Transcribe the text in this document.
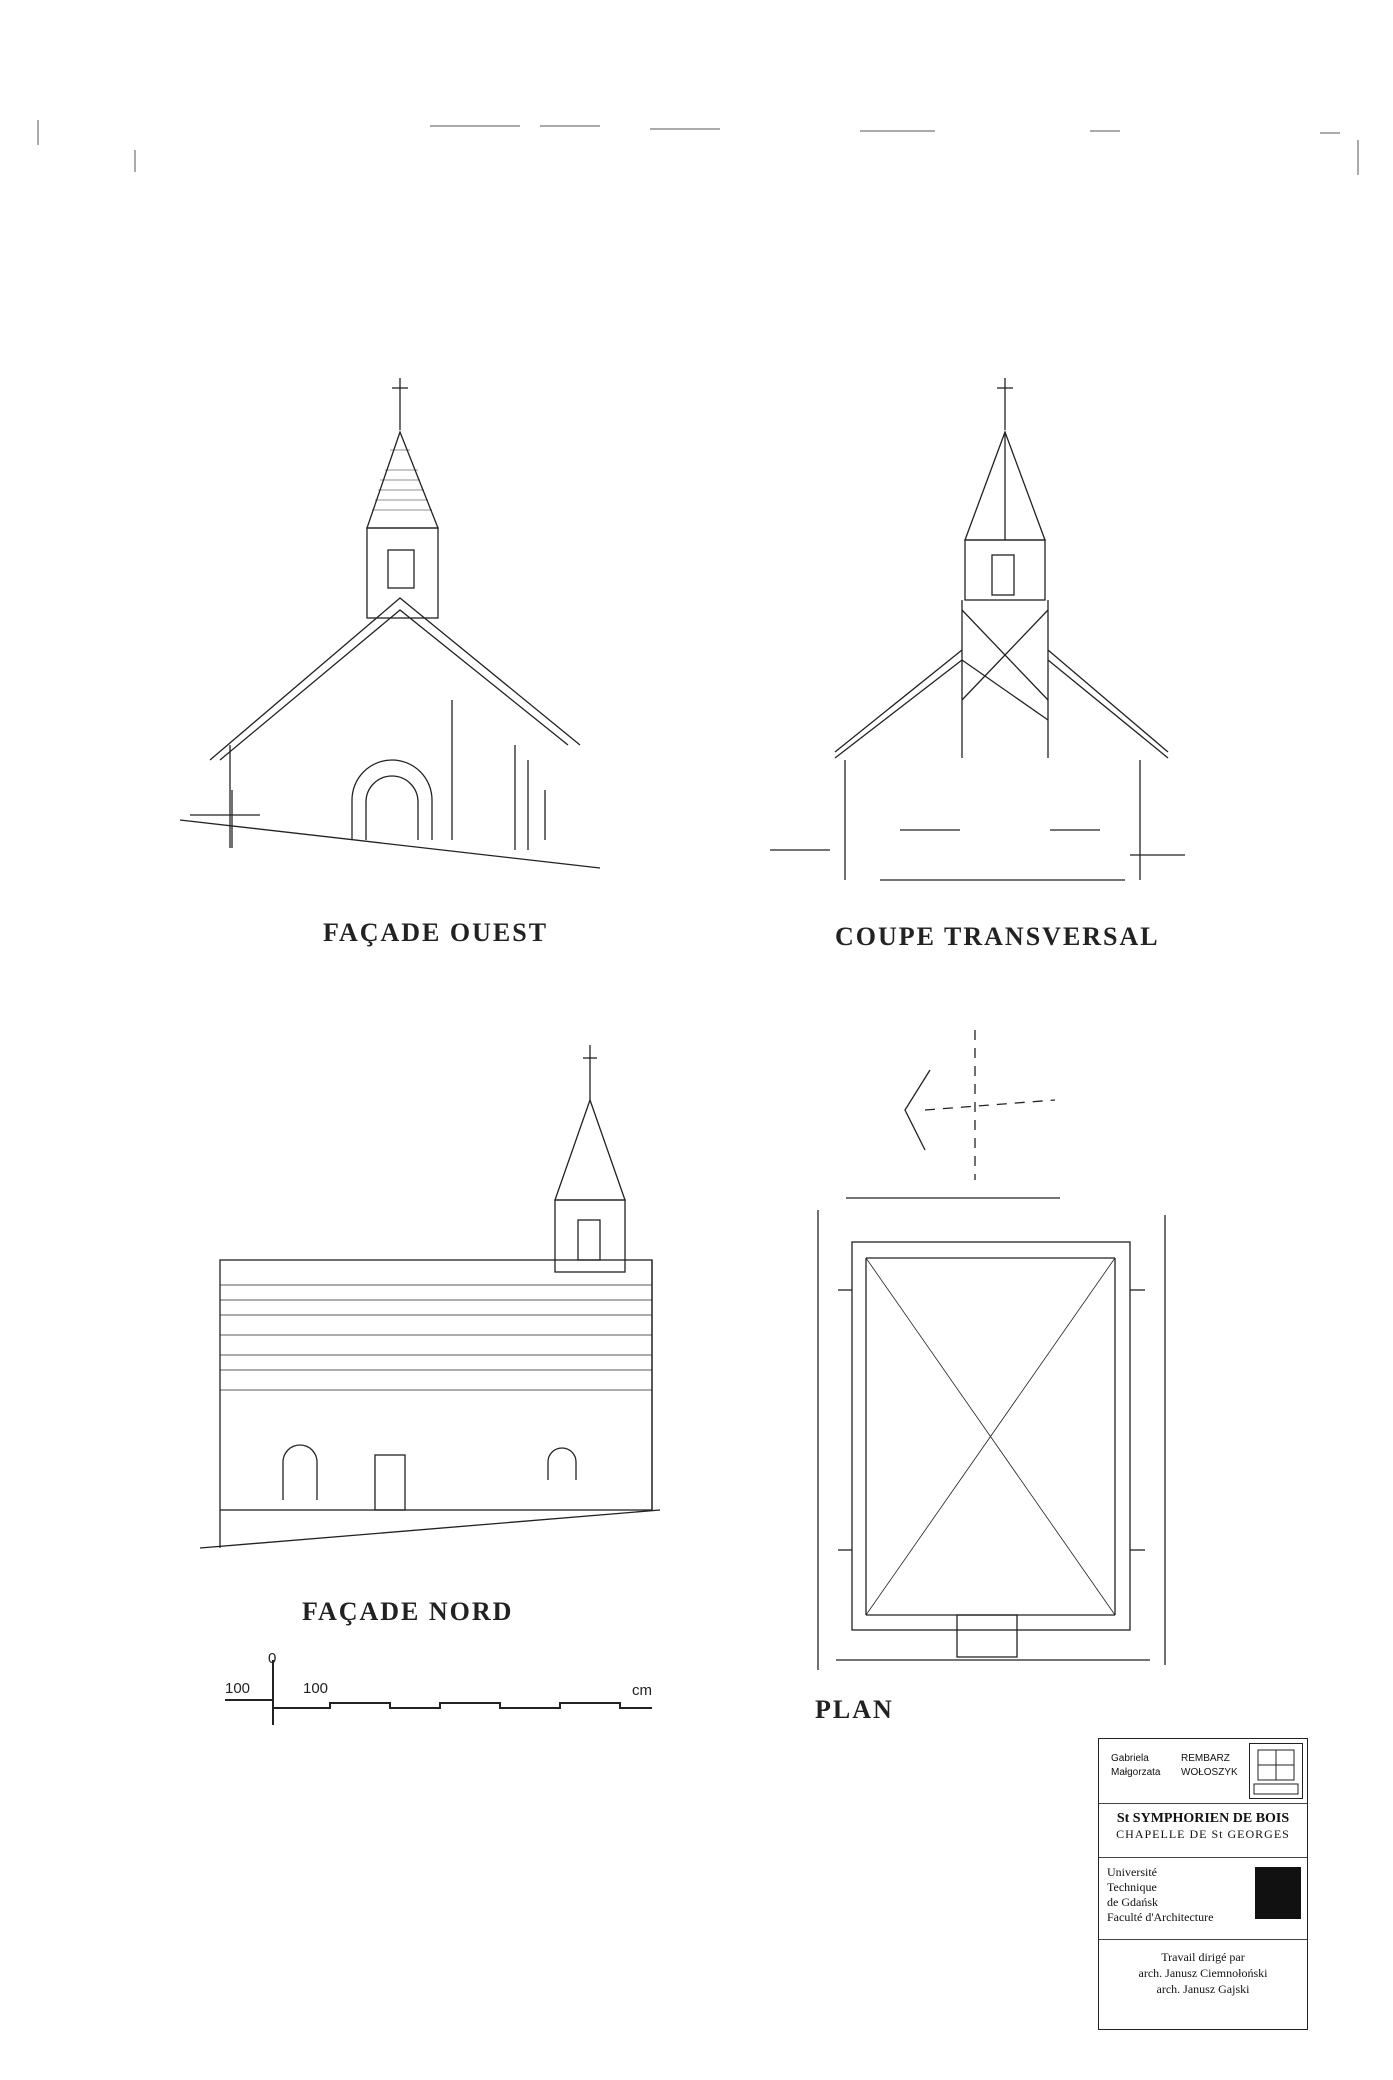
FAÇADE OUEST	COUPE TRANSVERSAL
FAÇADE NORD
PLAN
100
0
100	cm
Gabriela	REMBARZ
Małgorzata WOŁOSZYK
St SYMPHORIEN DE BOIS
CHAPELLE DE St GEORGES
Université
Technique
de Gdańsk
Faculté d'Architecture
Travail dirigé par
arch. Janusz Ciemnołoński
arch. Janusz Gajski
